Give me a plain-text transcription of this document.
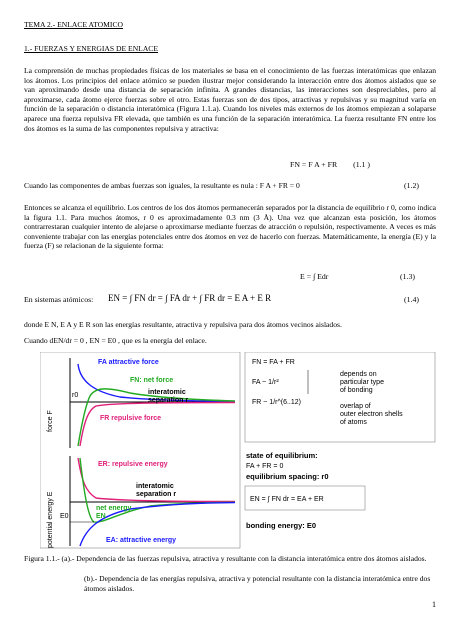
TEMA 2.- ENLACE ATOMICO
1.- FUERZAS Y ENERGIAS DE ENLACE
La comprensión de muchas propiedades físicas de los materiales se basa en el conocimiento de las fuerzas interatómicas que enlazan los átomos. Los principios del enlace atómico se pueden ilustrar mejor considerando la interacción entre dos átomos aislados que se van aproximando desde una distancia de separación infinita. A grandes distancias, las interacciones son despreciables, pero al aproximarse, cada átomo ejerce fuerzas sobre el otro. Estas fuerzas son de dos tipos, atractivas y repulsivas y su magnitud varía en función de la separación o distancia interatómica (Figura 1.1.a). Cuando los niveles más externos de los átomos empiezan a solaparse aparece una fuerza repulsiva FR elevada, que también es una función de la separación interatómica. La fuerza resultante FN entre los dos átomos es la suma de las componentes repulsiva y atractiva:
FN = F A + FR (1.1 )
Cuando las componentes de ambas fuerzas son iguales, la resultante es nula : F A + FR = 0	(1.2)
Entonces se alcanza el equilibrio. Los centros de los dos átomos permanecerán separados por la distancia de equilibrio r 0, como indica la figura 1.1. Para muchos átomos, r 0 es aproximadamente 0.3 nm (3 Å). Una vez que alcanzan esta posición, los átomos contrarrestaran cualquier intento de alejarse o aproximarse mediante fuerzas de atracción o repulsión, respectivamente. A veces es más conveniente trabajar con las energías potenciales entre dos átomos en vez de hacerlo con fuerzas. Matemáticamente, la energía (E) y la fuerza (F) se relacionan de la siguiente forma:
E = ∫ Edr	(1.3)
En sistemas atómicos: EN = ∫ FN dr = ∫ FA dr + ∫ FR dr = E A + E R	(1.4)
donde E N, E A y E R son las energías resultante, atractiva y repulsiva para dos átomos vecinos aislados.
Cuando dEN/dr = 0 , EN = E0 , que es la energía del enlace.
force F
FA attractive force
FN: net force
interatomic
separation r
r0
FR repulsive force
potential energy E
ER: repulsive energy
interatomic
separation r
net energy
EN
E0
EA: attractive energy
FN = FA + FR
FA ~ 1/r²
FR ~ 1/r^(6..12)
depends on
particular type
of bonding
overlap of
outer electron shells
of atoms
state of equilibrium:
FA + FR = 0
equilibrium spacing: r0
EN = ∫ FN dr = EA + ER
bonding energy: E0
Figura 1.1.- (a).- Dependencia de las fuerzas repulsiva, atractiva y resultante con la distancia interatómica entre dos átomos aislados.
(b).- Dependencia de las energías repulsiva, atractiva y potencial resultante con la distancia interatómica entre dos átomos aislados.
1
